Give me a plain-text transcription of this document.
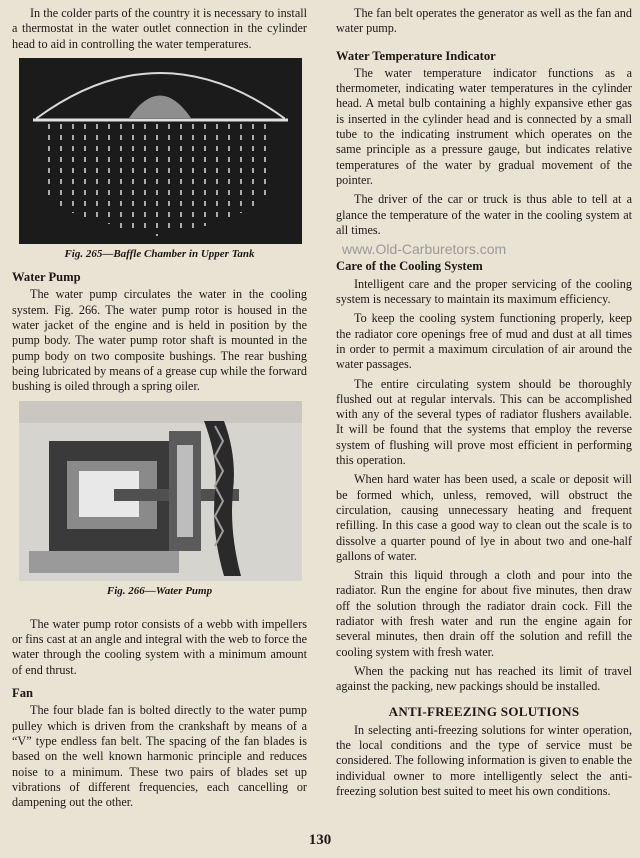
In the colder parts of the country it is necessary to install a thermostat in the water outlet connection in the cylinder head to aid in controlling the water temperatures.

Fig. 265—Baffle Chamber in Upper Tank
Water Pump

The water pump circulates the water in the cooling system. Fig. 266. The water pump rotor is housed in the water jacket of the engine and is held in position by the pump body. The water pump rotor shaft is mounted in the pump body on two composite bushings. The rear bushing being lubricated by means of a grease cup while the forward bushing is oiled through a spring oiler.

Fig. 266—Water Pump

The water pump rotor consists of a webb with impellers or fins cast at an angle and integral with the web to force the water through the cooling system with a minimum amount of end thrust.

Fan

The four blade fan is bolted directly to the water pump pulley which is driven from the crankshaft by means of a “V” type endless fan belt. The spacing of the fan blades is based on the well known harmonic principle and reduces noise to a minimum. These two pairs of blades set up vibrations of different frequencies, each cancelling or dampening out the other.

The fan belt operates the generator as well as the fan and water pump.

Water Temperature Indicator

The water temperature indicator functions as a thermometer, indicating water temperatures in the cylinder head. A metal bulb containing a highly expansive ether gas is inserted in the cylinder head and is connected by a small tube to the indicating instrument which operates on the same principle as a pressure gauge, but indicates relative temperatures of the water by gradual movement of the pointer.

The driver of the car or truck is thus able to tell at a glance the temperature of the water in the cooling system at all times.

www.Old-Carburetors.com
Care of the Cooling System

Intelligent care and the proper servicing of the cooling system is necessary to maintain its maximum efficiency.

To keep the cooling system functioning properly, keep the radiator core openings free of mud and dust at all times in order to permit a maximum circulation of air around the water passages.

The entire circulating system should be thoroughly flushed out at regular intervals. This can be accomplished with any of the several types of radiator flushers available. It will be found that the systems that employ the reverse system of flushing will prove most efficient in performing this operation.

When hard water has been used, a scale or deposit will be formed which, unless, removed, will obstruct the circulation, causing unnecessary heating and frequent refilling. In this case a good way to clean out the scale is to dissolve a quarter pound of lye in about two and one-half gallons of water.

Strain this liquid through a cloth and pour into the radiator. Run the engine for about five minutes, then draw off the solution through the radiator drain cock. Fill the radiator with fresh water and run the engine again for several minutes, then drain off the solution and refill the cooling system with fresh water.

When the packing nut has reached its limit of travel against the packing, new packings should be installed.

ANTI-FREEZING SOLUTIONS

In selecting anti-freezing solutions for winter operation, the local conditions and the type of service must be considered. The following information is given to enable the individual owner to more intelligently select the anti-freezing solution best suited to meet his own conditions.

130
